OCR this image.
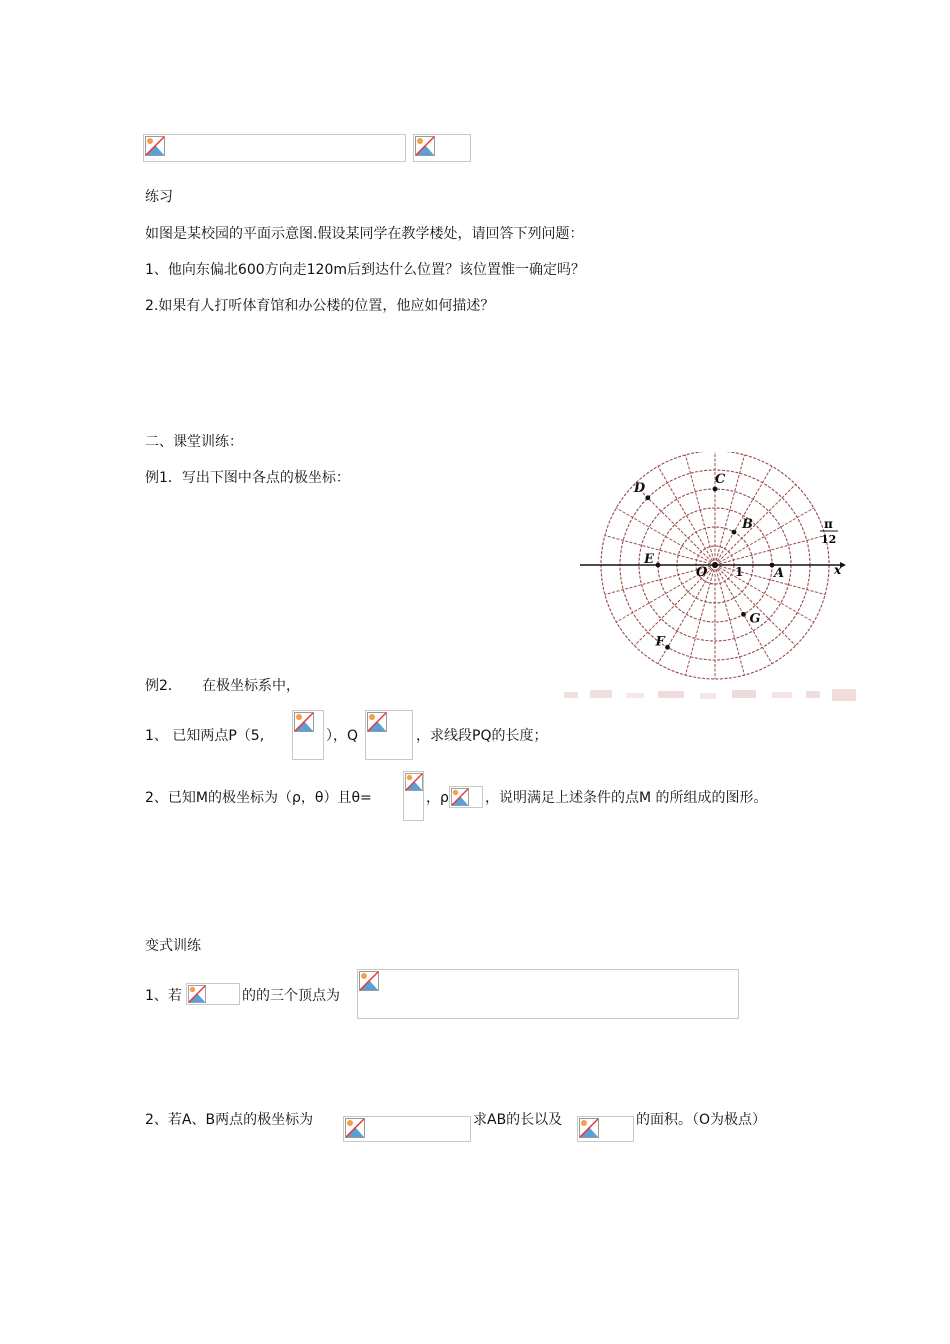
练习
如图是某校园的平面示意图.假设某同学在教学楼处，请回答下列问题：
1、他向东偏北600方向走120m后到达什么位置？该位置惟一确定吗？
2.如果有人打听体育馆和办公楼的位置，他应如何描述？
二、课堂训练：
例1．写出下图中各点的极坐标：
A
B
C
D
E
F
G
O 1	x
π
12
例2． 在极坐标系中，
1、 已知两点P（5,	），Q	，求线段PQ的长度；
2、已知M的极坐标为（ρ，θ）且θ=	，ρ	，说明满足上述条件的点M 的所组成的图形。
变式训练
1、若	的的三个顶点为
2、若A、B两点的极坐标为	求AB的长以及	的面积。（O为极点）
